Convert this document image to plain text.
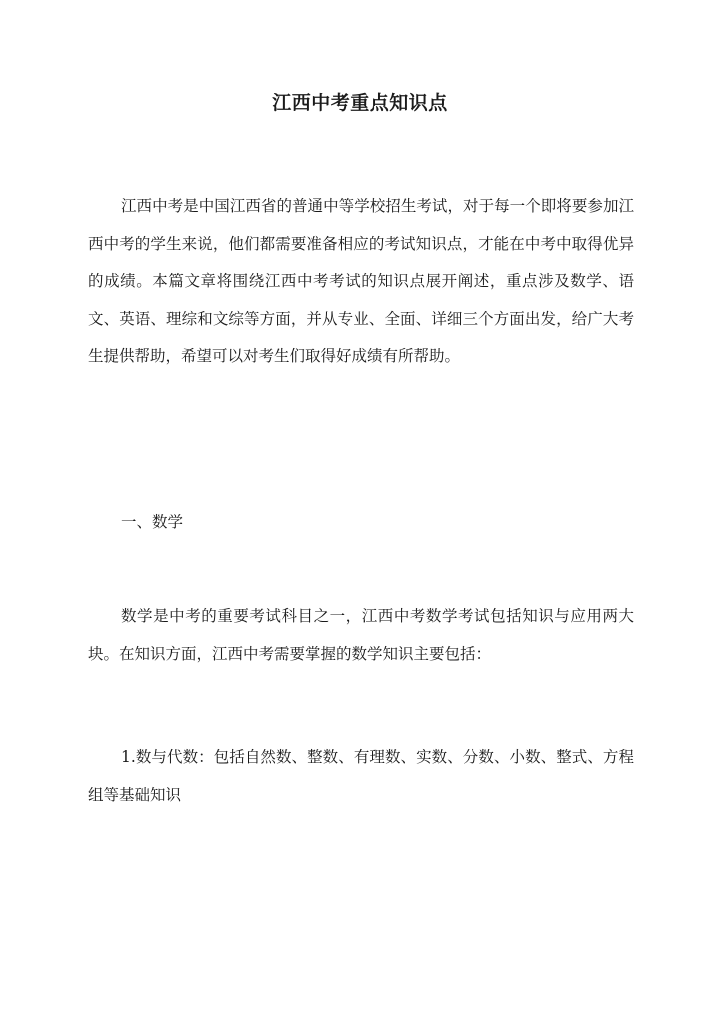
江西中考重点知识点
江西中考是中国江西省的普通中等学校招生考试，对于每一个即将要参加江西中考的学生来说，他们都需要准备相应的考试知识点，才能在中考中取得优异的成绩。本篇文章将围绕江西中考考试的知识点展开阐述，重点涉及数学、语文、英语、理综和文综等方面，并从专业、全面、详细三个方面出发，给广大考生提供帮助，希望可以对考生们取得好成绩有所帮助。
一、数学
数学是中考的重要考试科目之一，江西中考数学考试包括知识与应用两大块。在知识方面，江西中考需要掌握的数学知识主要包括：
1.数与代数：包括自然数、整数、有理数、实数、分数、小数、整式、方程组等基础知识
